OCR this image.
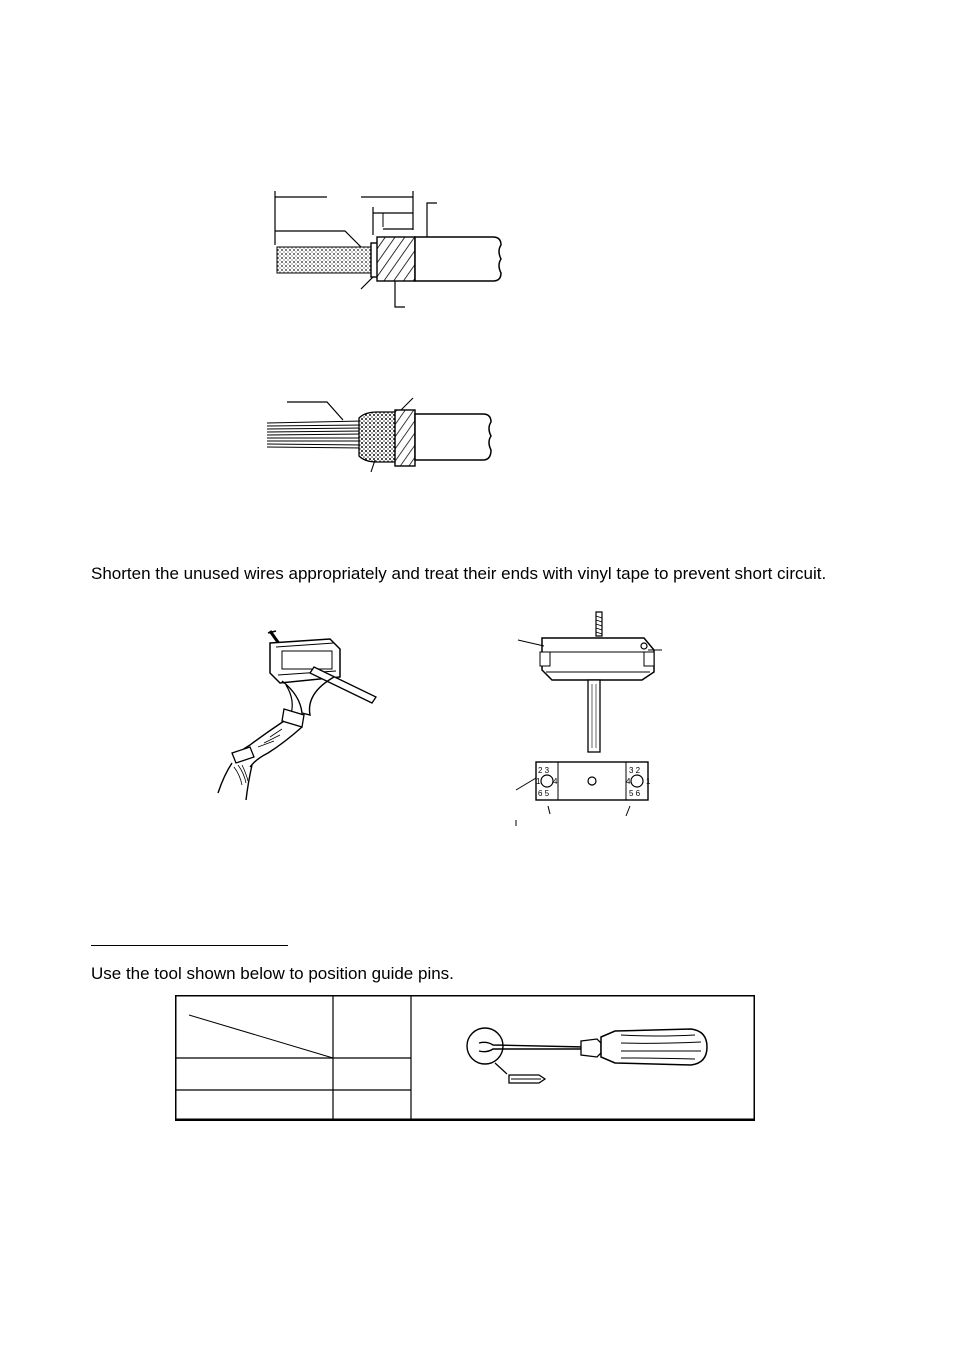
Shorten the unused wires appropriately and treat their ends with vinyl tape to prevent short circuit.

2 3
1 4
6 5
3 2
4 1
5 6

Use the tool shown below to position guide pins.
